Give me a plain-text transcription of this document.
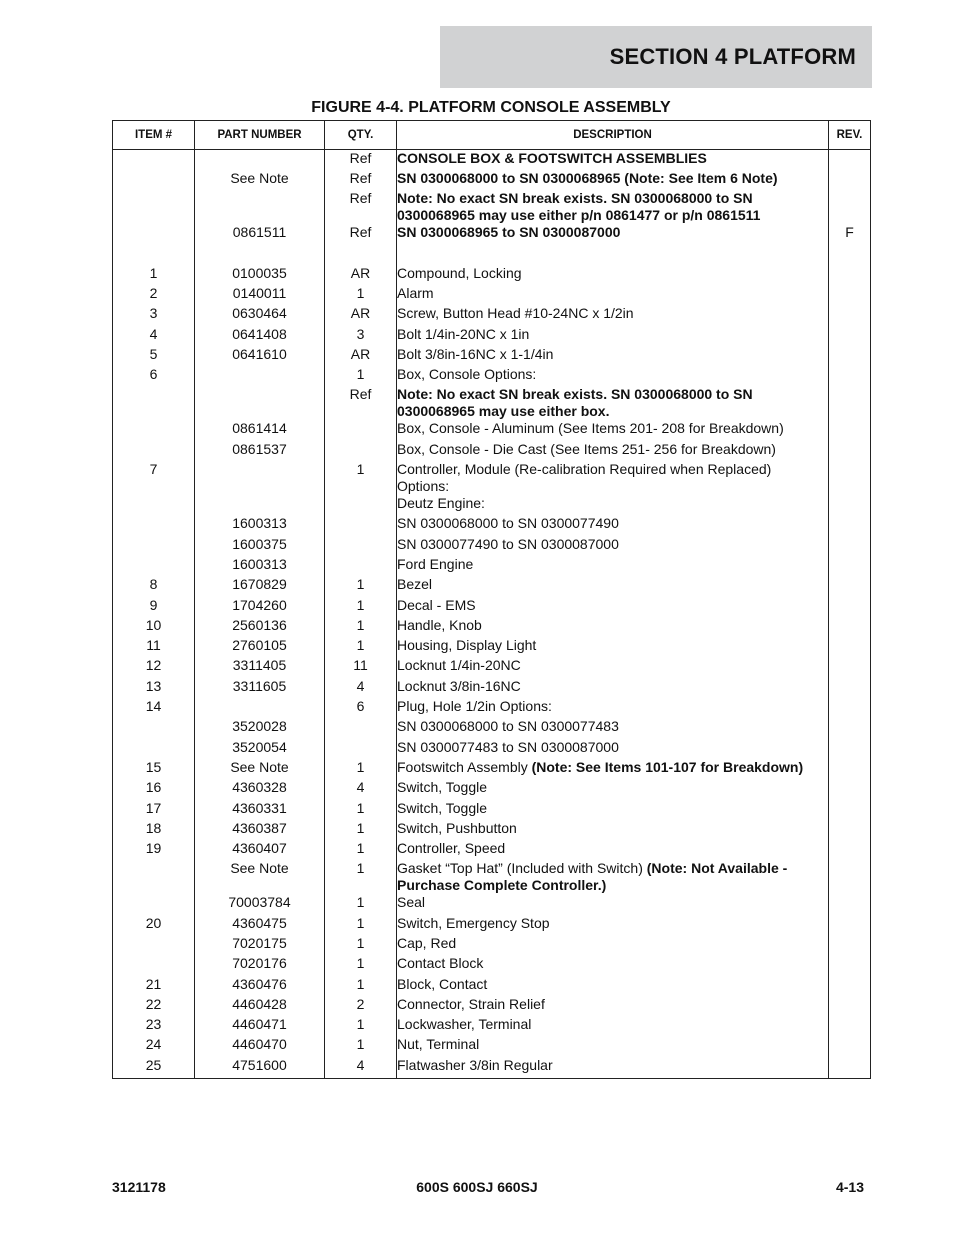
SECTION 4 PLATFORM
FIGURE 4-4. PLATFORM CONSOLE ASSEMBLY
ITEM #	PART NUMBER	QTY.	DESCRIPTION	REV.
		Ref	CONSOLE BOX & FOOTSWITCH ASSEMBLIES	
	See Note	Ref	SN 0300068000 to SN 0300068965 (Note: See Item 6 Note)	
		Ref	Note: No exact SN break exists. SN 0300068000 to SN 0300068965 may use either p/n 0861477 or p/n 0861511	
	0861511	Ref	SN 0300068965 to SN 0300087000	F

1	0100035	AR	Compound, Locking	
2	0140011	1	Alarm	
3	0630464	AR	Screw, Button Head #10-24NC x 1/2in	
4	0641408	3	Bolt 1/4in-20NC x 1in	
5	0641610	AR	Bolt 3/8in-16NC x 1-1/4in	
6		1	Box, Console Options:	
		Ref	Note: No exact SN break exists. SN 0300068000 to SN 0300068965 may use either box.	
	0861414		Box, Console - Aluminum (See Items 201- 208 for Breakdown)	
	0861537		Box, Console - Die Cast (See Items 251- 256 for Breakdown)	
7		1	Controller, Module (Re-calibration Required when Replaced) Options:	
			Deutz Engine:	
	1600313		SN 0300068000 to SN 0300077490	
	1600375		SN 0300077490 to SN 0300087000	
	1600313		Ford Engine	
8	1670829	1	Bezel	
9	1704260	1	Decal - EMS	
10	2560136	1	Handle, Knob	
11	2760105	1	Housing, Display Light	
12	3311405	11	Locknut 1/4in-20NC	
13	3311605	4	Locknut 3/8in-16NC	
14		6	Plug, Hole 1/2in Options:	
	3520028		SN 0300068000 to SN 0300077483	
	3520054		SN 0300077483 to SN 0300087000	
15	See Note	1	Footswitch Assembly (Note: See Items 101-107 for Breakdown)	
16	4360328	4	Switch, Toggle	
17	4360331	1	Switch, Toggle	
18	4360387	1	Switch, Pushbutton	
19	4360407	1	Controller, Speed	
	See Note	1	Gasket “Top Hat” (Included with Switch) (Note: Not Available - Purchase Complete Controller.)	
	70003784	1	Seal	
20	4360475	1	Switch, Emergency Stop	
	7020175	1	Cap, Red	
	7020176	1	Contact Block	
21	4360476	1	Block, Contact	
22	4460428	2	Connector, Strain Relief	
23	4460471	1	Lockwasher, Terminal	
24	4460470	1	Nut, Terminal	
25	4751600	4	Flatwasher 3/8in Regular	
3121178	600S 600SJ 660SJ	4-13
